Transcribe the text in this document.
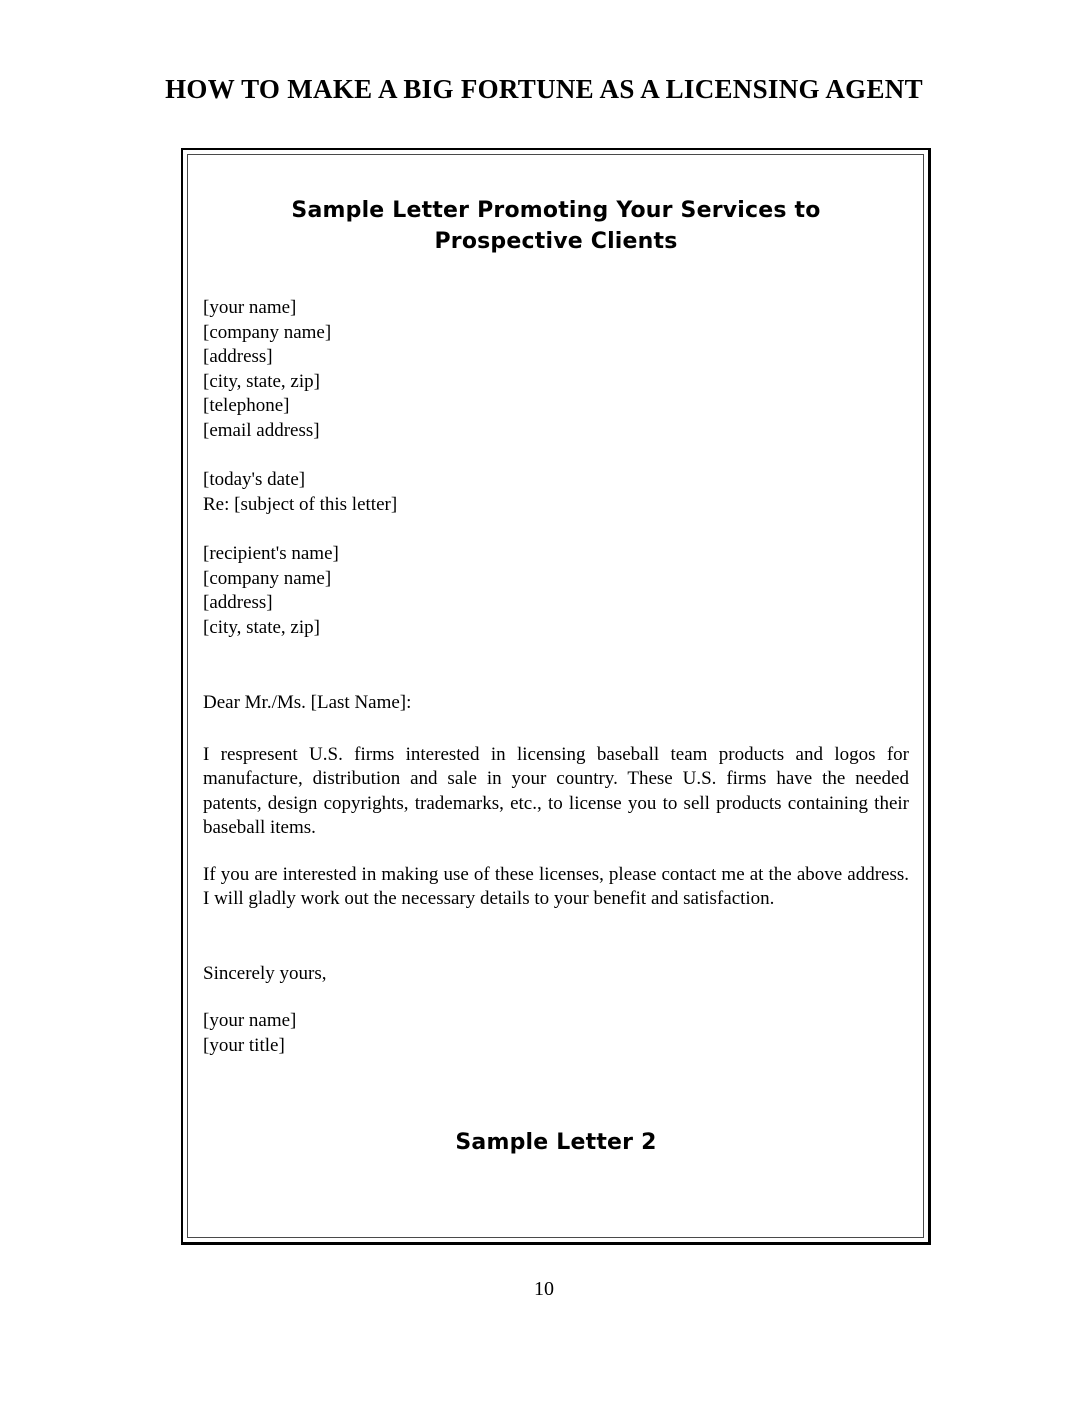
HOW TO MAKE A BIG FORTUNE AS A LICENSING AGENT
Sample Letter Promoting Your Services to
Prospective Clients
[your name]
[company name]
[address]
[city, state, zip]
[telephone]
[email address]
[today's date]
Re: [subject of this letter]
[recipient's name]
[company name]
[address]
[city, state, zip]
Dear Mr./Ms. [Last Name]:
I respresent U.S. firms interested in licensing baseball team products and logos for manufacture, distribution and sale in your country. These U.S. firms have the needed patents, design copyrights, trademarks, etc., to license you to sell products containing their baseball items.
If you are interested in making use of these licenses, please contact me at the above address. I will gladly work out the necessary details to your benefit and satisfaction.
Sincerely yours,
[your name]
[your title]
Sample Letter 2
10
